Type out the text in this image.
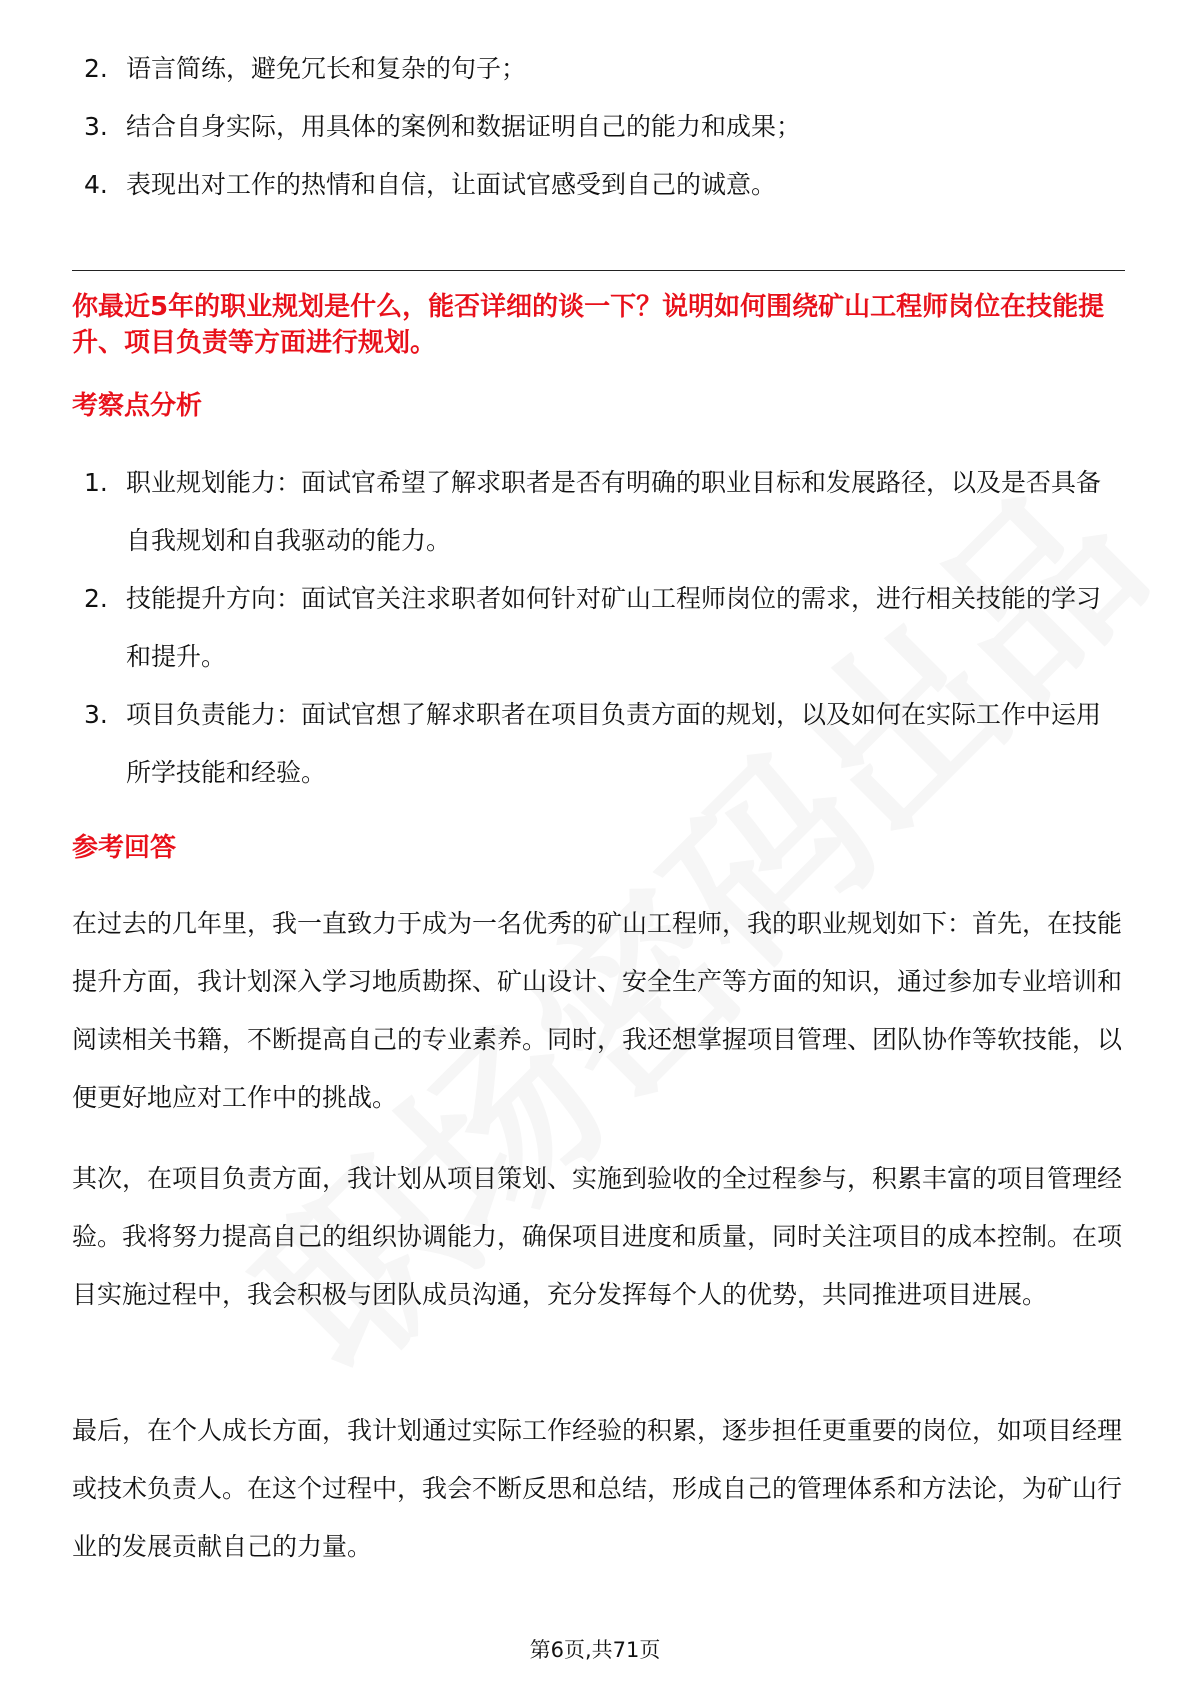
2. 语言简练，避免冗长和复杂的句子；
3. 结合自身实际，用具体的案例和数据证明自己的能力和成果；
4. 表现出对工作的热情和自信，让面试官感受到自己的诚意。

你最近5年的职业规划是什么，能否详细的谈一下？说明如何围绕矿山工程师岗位在技能提升、项目负责等方面进行规划。

考察点分析
1. 职业规划能力：面试官希望了解求职者是否有明确的职业目标和发展路径，以及是否具备自我规划和自我驱动的能力。
2. 技能提升方向：面试官关注求职者如何针对矿山工程师岗位的需求，进行相关技能的学习和提升。
3. 项目负责能力：面试官想了解求职者在项目负责方面的规划，以及如何在实际工作中运用所学技能和经验。
参考回答

在过去的几年里，我一直致力于成为一名优秀的矿山工程师，我的职业规划如下：首先，在技能提升方面，我计划深入学习地质勘探、矿山设计、安全生产等方面的知识，通过参加专业培训和阅读相关书籍，不断提高自己的专业素养。同时，我还想掌握项目管理、团队协作等软技能，以便更好地应对工作中的挑战。

其次，在项目负责方面，我计划从项目策划、实施到验收的全过程参与，积累丰富的项目管理经验。我将努力提高自己的组织协调能力，确保项目进度和质量，同时关注项目的成本控制。在项目实施过程中，我会积极与团队成员沟通，充分发挥每个人的优势，共同推进项目进展。

最后，在个人成长方面，我计划通过实际工作经验的积累，逐步担任更重要的岗位，如项目经理或技术负责人。在这个过程中，我会不断反思和总结，形成自己的管理体系和方法论，为矿山行业的发展贡献自己的力量。

第6页,共71页
